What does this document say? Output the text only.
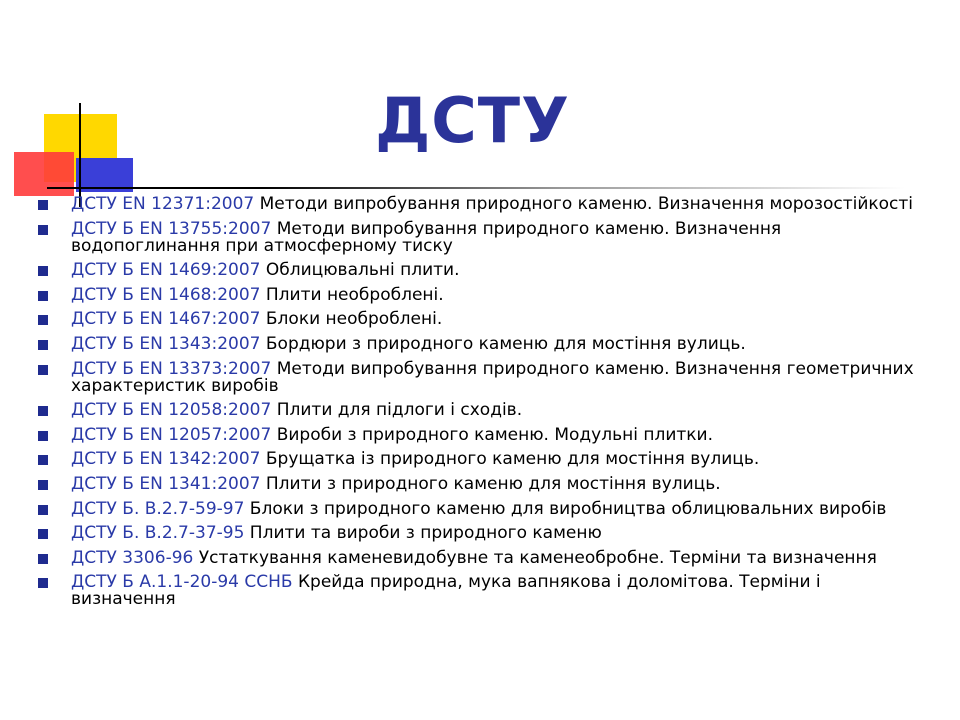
ДСТУ
ДСТУ EN 12371:2007 Методи випробування природного каменю. Визначення морозостійкості
ДСТУ Б EN 13755:2007 Методи випробування природного каменю. Визначення водопоглинання при атмосферному тиску
ДСТУ Б EN 1469:2007 Облицювальні плити.
ДСТУ Б EN 1468:2007 Плити необроблені.
ДСТУ Б EN 1467:2007 Блоки необроблені.
ДСТУ Б EN 1343:2007 Бордюри з природного каменю для мостіння вулиць.
ДСТУ Б EN 13373:2007 Методи випробування природного каменю. Визначення геометричних характеристик виробів
ДСТУ Б EN 12058:2007 Плити для підлоги і сходів.
ДСТУ Б EN 12057:2007 Вироби з природного каменю. Модульні плитки.
ДСТУ Б EN 1342:2007 Брущатка із природного каменю для мостіння вулиць.
ДСТУ Б EN 1341:2007 Плити з природного каменю для мостіння вулиць.
ДСТУ Б. В.2.7-59-97 Блоки з природного каменю для виробництва облицювальних виробів
ДСТУ Б. В.2.7-37-95 Плити та вироби з природного каменю
ДСТУ 3306-96 Устаткування каменевидобувне та каменеобробне. Терміни та визначення
ДСТУ Б А.1.1-20-94 ССНБ Крейда природна, мука вапнякова і доломітова. Терміни і визначення
